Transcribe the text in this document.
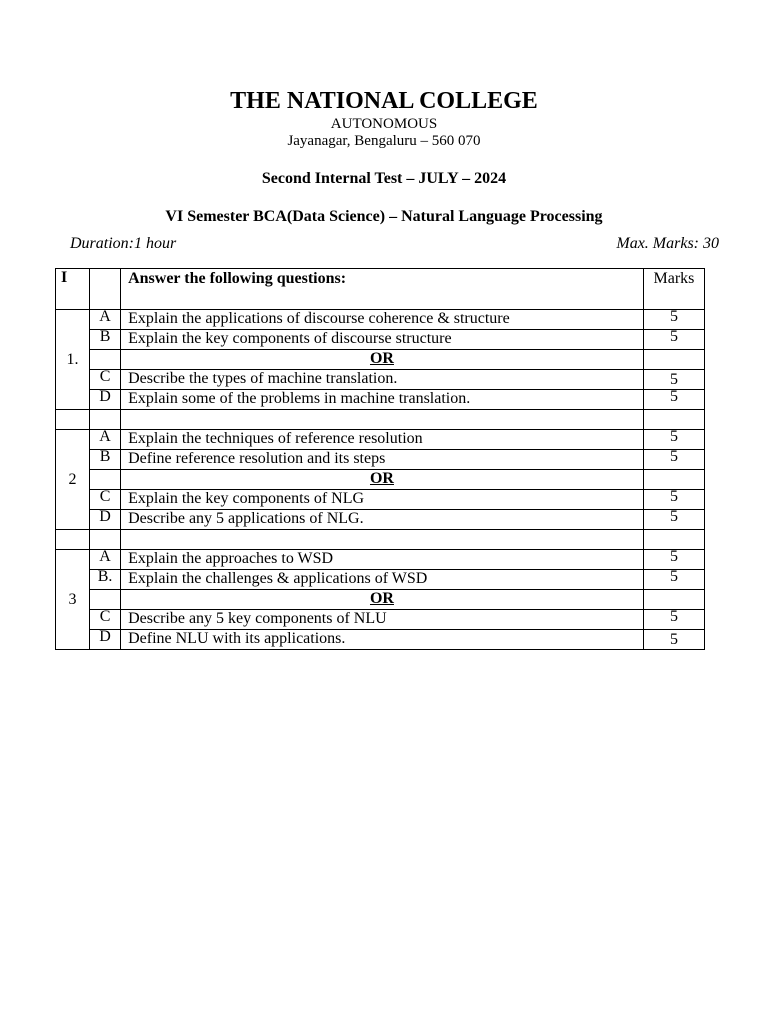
THE NATIONAL COLLEGE
AUTONOMOUS
Jayanagar, Bengaluru – 560 070
Second Internal Test – JULY – 2024
VI Semester BCA(Data Science) – Natural Language Processing
Duration:1 hour	Max. Marks: 30
I		Answer the following questions:	Marks
1.	A	Explain the applications of discourse coherence & structure	5
	B	Explain the key components of discourse structure	5
		OR	
	C	Describe the types of machine translation.	5
	D	Explain some of the problems in machine translation.	5

2	A	Explain the techniques of reference resolution	5
	B	Define reference resolution and its steps	5
		OR	
	C	Explain the key components of NLG	5
	D	Describe any 5 applications of NLG.	5

3	A	Explain the approaches to WSD	5
	B.	Explain the challenges & applications of WSD	5
		OR	
	C	Describe any 5 key components of NLU	5
	D	Define NLU with its applications.	5
